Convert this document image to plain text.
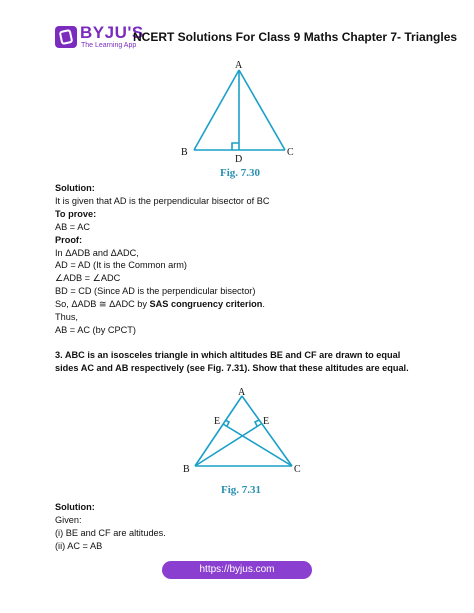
BYJU'S
The Learning App
NCERT Solutions For Class 9 Maths Chapter 7- Triangles
A
B	C
D
Fig. 7.30
Solution:
It is given that AD is the perpendicular bisector of BC
To prove:
AB = AC
Proof:
In ΔADB and ΔADC,
AD = AD (It is the Common arm)
∠ADB = ∠ADC
BD = CD (Since AD is the perpendicular bisector)
So, ΔADB ≅ ΔADC by SAS congruency criterion.
Thus,
AB = AC (by CPCT)
3. ABC is an isosceles triangle in which altitudes BE and CF are drawn to equal sides AC and AB respectively (see Fig. 7.31). Show that these altitudes are equal.
A
B	C
E
E
Fig. 7.31
Solution:
Given:
(i) BE and CF are altitudes.
(ii) AC = AB
https://byjus.com
